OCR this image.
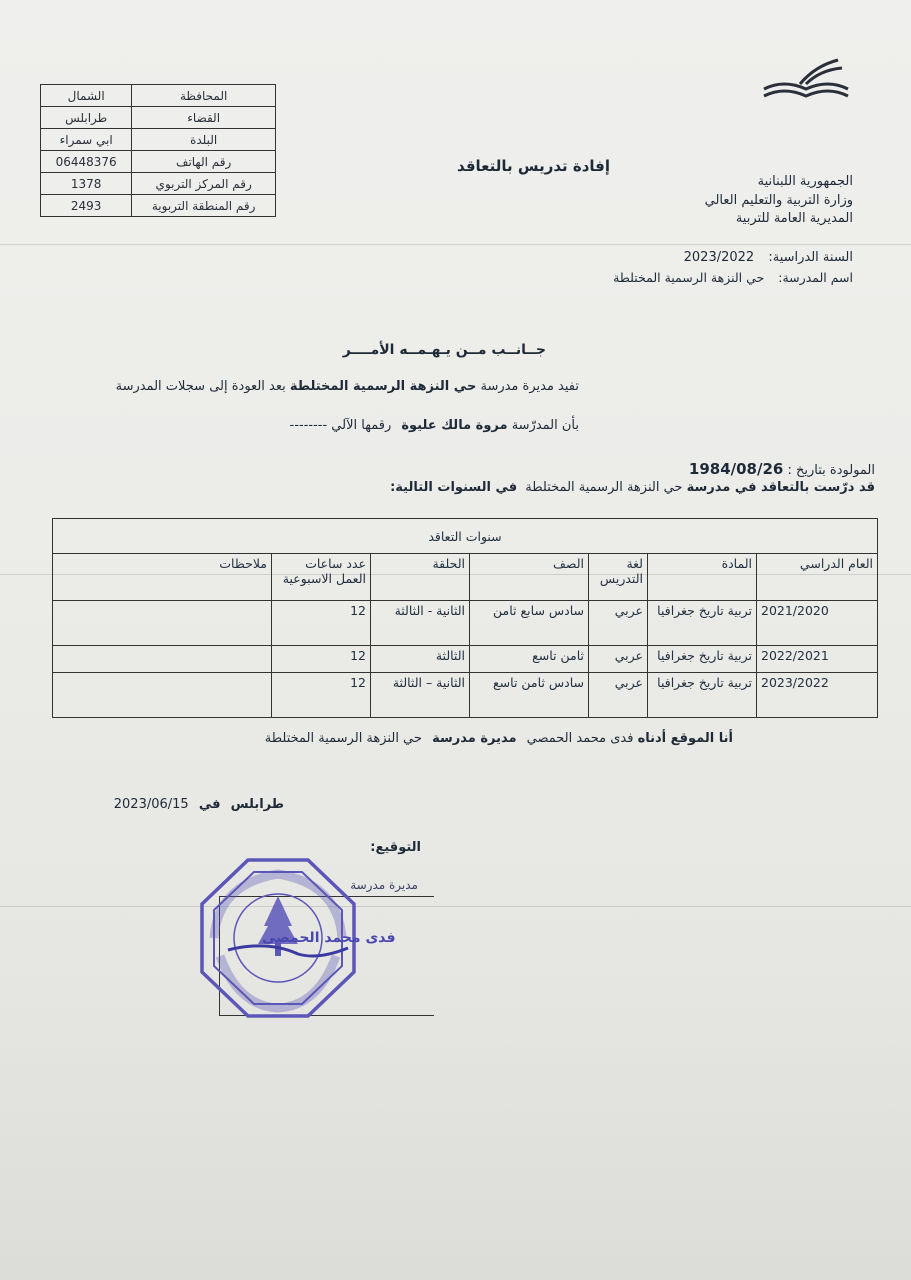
المحافظة	الشمال
القضاء	طرابلس
البلدة	ابي سمراء
رقم الهاتف	06448376
رقم المركز التربوي	1378
رقم المنطقة التربوية	2493
إفادة تدريس بالتعاقد
الجمهورية اللبنانية
وزارة التربية والتعليم العالي
المديرية العامة للتربية
السنة الدراسية: 2023/2022
اسم المدرسة: حي النزهة الرسمية المختلطة
جــانــب مــن يـهـمــه الأمــــر
تفيد مديرة مدرسة حي النزهة الرسمية المختلطة بعد العودة إلى سجلات المدرسة
بأن المدرّسة مروة مالك عليوة رقمها الآلي --------
المولودة بتاريخ : 1984/08/26
قد درّست بالتعاقد في مدرسة حي النزهة الرسمية المختلطة في السنوات التالية:
سنوات التعاقد						
العام الدراسي	المادة	لغة التدريس	الصف	الحلقة	عدد ساعات العمل الاسبوعية	ملاحظات
2021/2020	تربية تاريخ جغرافيا	عربي	سادس سابع ثامن	الثانية - الثالثة	12	
2022/2021	تربية تاريخ جغرافيا	عربي	ثامن تاسع	الثالثة	12	
2023/2022	تربية تاريخ جغرافيا	عربي	سادس ثامن تاسع	الثانية – الثالثة	12	
أنا الموقع أدناه فدى محمد الحمصي مديرة مدرسة حي النزهة الرسمية المختلطة
طرابلس في 2023/06/15
التوقيع:
مديرة مدرسة
فدى محمد الحمصي
